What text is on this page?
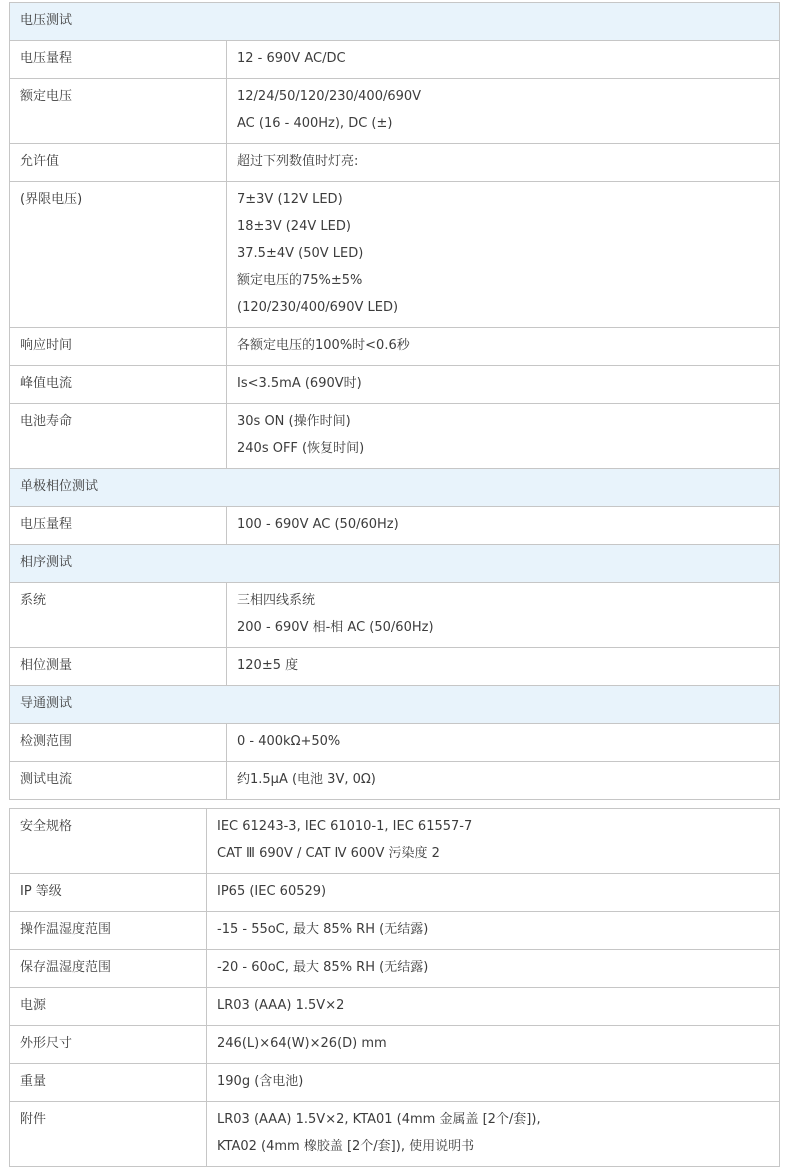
电压测试	

电压量程	12 - 690V AC/DC

额定电压	12/24/50/120/230/400/690V
AC (16 - 400Hz), DC (±)

允许值	超过下列数值时灯亮:

(界限电压)	7±3V (12V LED)
18±3V (24V LED)
37.5±4V (50V LED)
额定电压的75%±5%
(120/230/400/690V LED)

响应时间	各额定电压的100%时<0.6秒

峰值电流	Is<3.5mA (690V时)

电池寿命	30s ON (操作时间)
240s OFF (恢复时间)

单极相位测试	

电压量程	100 - 690V AC (50/60Hz)

相序测试	

系统	三相四线系统
200 - 690V 相-相 AC (50/60Hz)

相位测量	120±5 度

导通测试	

检测范围	0 - 400kΩ+50%

测试电流	约1.5μA (电池 3V, 0Ω)
安全规格	IEC 61243-3, IEC 61010-1, IEC 61557-7
CAT Ⅲ 690V / CAT Ⅳ 600V 污染度 2

IP 等级	IP65 (IEC 60529)

操作温湿度范围	-15 - 55oC, 最大 85% RH (无结露)

保存温湿度范围	-20 - 60oC, 最大 85% RH (无结露)

电源	LR03 (AAA) 1.5V×2

外形尺寸	246(L)×64(W)×26(D) mm

重量	190g (含电池)

附件	LR03 (AAA) 1.5V×2, KTA01 (4mm 金属盖 [2个/套]),
KTA02 (4mm 橡胶盖 [2个/套]), 使用说明书
